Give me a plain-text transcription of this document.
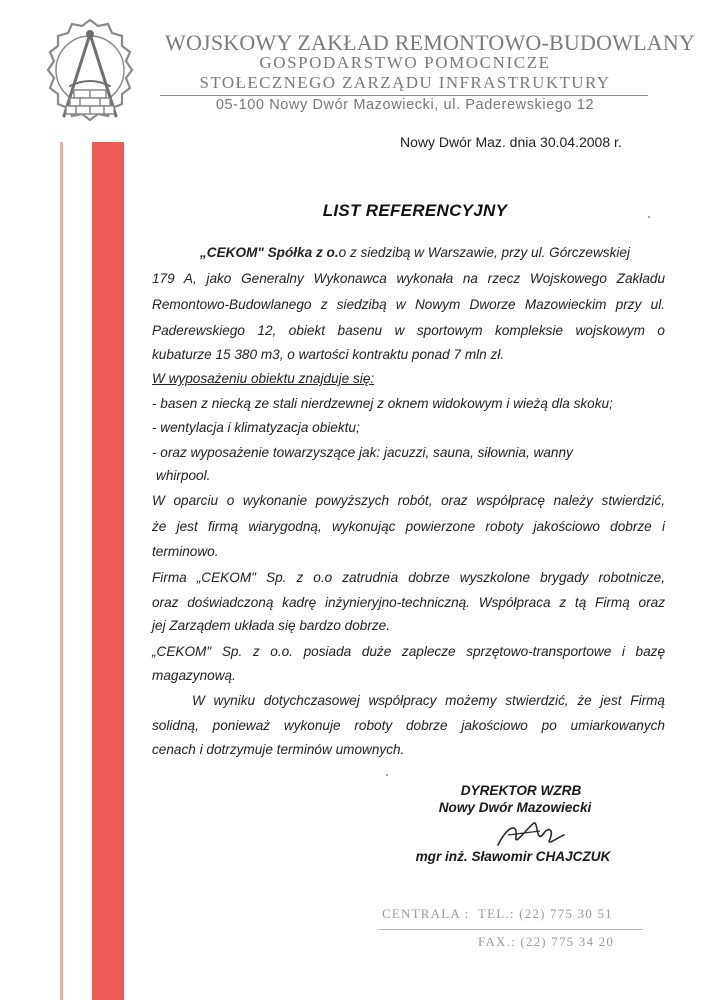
WOJSKOWY ZAKŁAD REMONTOWO-BUDOWLANY
GOSPODARSTWO POMOCNICZE
STOŁECZNEGO ZARZĄDU INFRASTRUKTURY
05-100 Nowy Dwór Mazowiecki, ul. Paderewskiego 12
Nowy Dwór Maz. dnia 30.04.2008 r.
LIST REFERENCYJNY
„CEKOM" Spółka z o.o z siedzibą w Warszawie, przy ul. Górczewskiej
179 A, jako Generalny Wykonawca wykonała na rzecz Wojskowego Zakładu
Remontowo-Budowlanego z siedzibą w Nowym Dworze Mazowieckim przy ul.
Paderewskiego 12, obiekt basenu w sportowym kompleksie wojskowym o
kubaturze 15 380 m3, o wartości kontraktu ponad 7 mln zł.
W wyposażeniu obiektu znajduje się:
- basen z niecką ze stali nierdzewnej z oknem widokowym i wieżą dla skoku;
- wentylacja i klimatyzacja obiektu;
- oraz wyposażenie towarzyszące jak: jacuzzi, sauna, siłownia, wanny
whirpool.
W oparciu o wykonanie powyższych robót, oraz współpracę należy stwierdzić,
że jest firmą wiarygodną, wykonując powierzone roboty jakościowo dobrze i
terminowo.
Firma „CEKOM" Sp. z o.o zatrudnia dobrze wyszkolone brygady robotnicze,
oraz doświadczoną kadrę inżynieryjno-techniczną. Współpraca z tą Firmą oraz
jej Zarządem układa się bardzo dobrze.
„CEKOM" Sp. z o.o. posiada duże zaplecze sprzętowo-transportowe i bazę
magazynową.
W wyniku dotychczasowej współpracy możemy stwierdzić, że jest Firmą
solidną, ponieważ wykonuje roboty dobrze jakościowo po umiarkowanych
cenach i dotrzymuje terminów umownych.
DYREKTOR WZRB
Nowy Dwór Mazowiecki
mgr inż. Sławomir CHAJCZUK
CENTRALA : TEL.: (22) 775 30 51
FAX.: (22) 775 34 20
